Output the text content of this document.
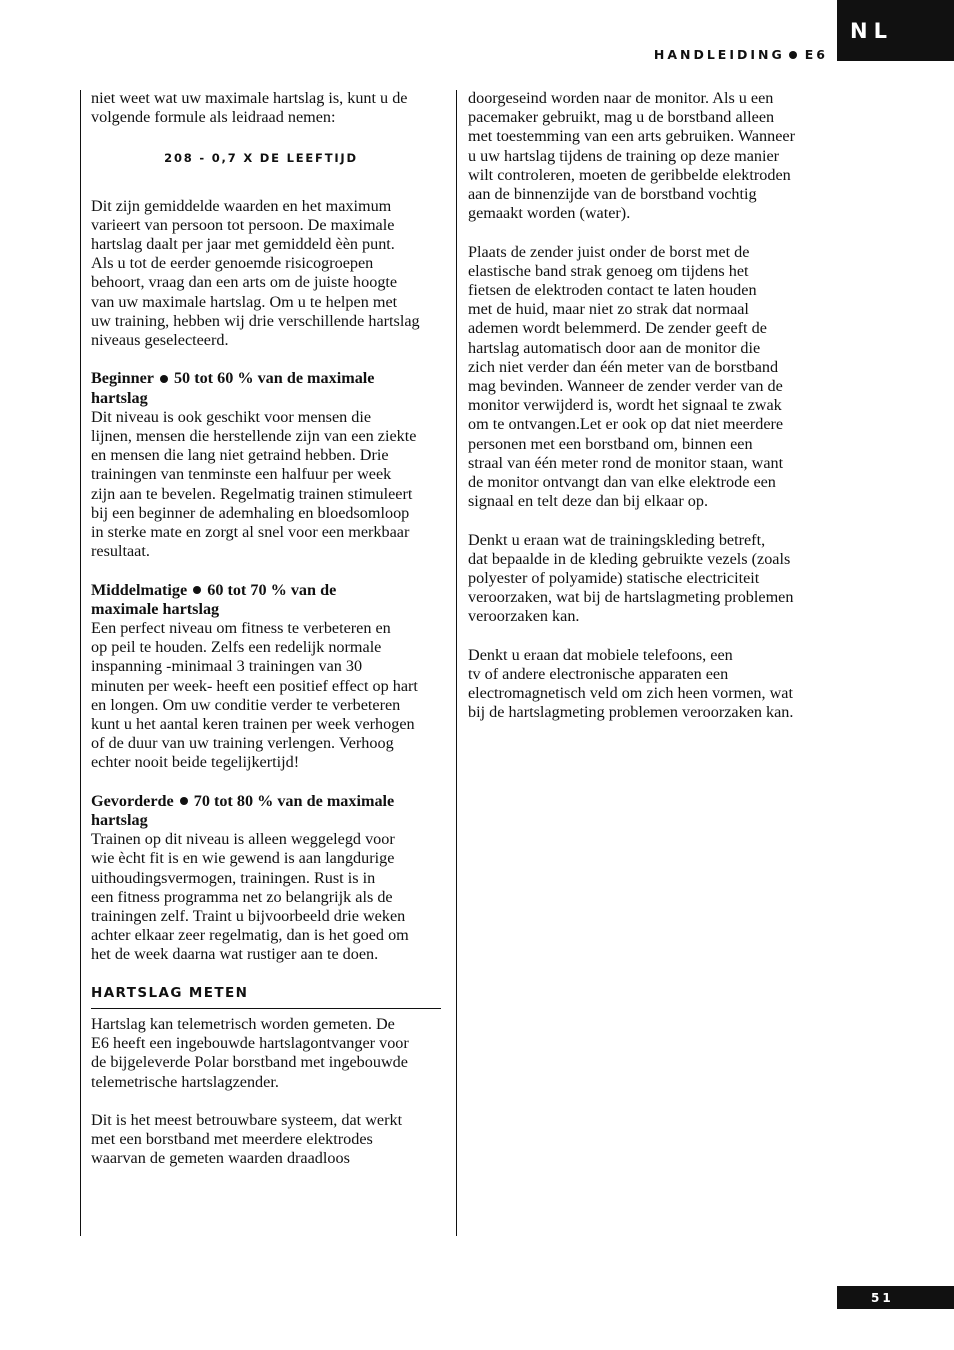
HANDLEIDING E6
NL

niet weet wat uw maximale hartslag is, kunt u de
volgende formule als leidraad nemen:

208 - 0,7 X DE LEEFTIJD

Dit zijn gemiddelde waarden en het maximum
varieert van persoon tot persoon. De maximale
hartslag daalt per jaar met gemiddeld èèn punt.
Als u tot de eerder genoemde risicogroepen
behoort, vraag dan een arts om de juiste hoogte
van uw maximale hartslag. Om u te helpen met
uw training, hebben wij drie verschillende hartslag
niveaus geselecteerd.

Beginner 50 tot 60 % van de maximale
hartslag

Dit niveau is ook geschikt voor mensen die
lijnen, mensen die herstellende zijn van een ziekte
en mensen die lang niet getraind hebben. Drie
trainingen van tenminste een halfuur per week
zijn aan te bevelen. Regelmatig trainen stimuleert
bij een beginner de ademhaling en bloedsomloop
in sterke mate en zorgt al snel voor een merkbaar
resultaat.

Middelmatige 60 tot 70 % van de
maximale hartslag

Een perfect niveau om fitness te verbeteren en
op peil te houden. Zelfs een redelijk normale
inspanning -minimaal 3 trainingen van 30
minuten per week- heeft een positief effect op hart
en longen. Om uw conditie verder te verbeteren
kunt u het aantal keren trainen per week verhogen
of de duur van uw training verlengen. Verhoog
echter nooit beide tegelijkertijd!

Gevorderde 70 tot 80 % van de maximale
hartslag

Trainen op dit niveau is alleen weggelegd voor
wie ècht fit is en wie gewend is aan langdurige
uithoudingsvermogen, trainingen. Rust is in
een fitness programma net zo belangrijk als de
trainingen zelf. Traint u bijvoorbeeld drie weken
achter elkaar zeer regelmatig, dan is het goed om
het de week daarna wat rustiger aan te doen.

HARTSLAG METEN

Hartslag kan telemetrisch worden gemeten. De
E6 heeft een ingebouwde hartslagontvanger voor
de bijgeleverde Polar borstband met ingebouwde
telemetrische hartslagzender.

Dit is het meest betrouwbare systeem, dat werkt
met een borstband met meerdere elektrodes
waarvan de gemeten waarden draadloos

doorgeseind worden naar de monitor. Als u een
pacemaker gebruikt, mag u de borstband alleen
met toestemming van een arts gebruiken. Wanneer
u uw hartslag tijdens de training op deze manier
wilt controleren, moeten de geribbelde elektroden
aan de binnenzijde van de borstband vochtig
gemaakt worden (water).

Plaats de zender juist onder de borst met de
elastische band strak genoeg om tijdens het
fietsen de elektroden contact te laten houden
met de huid, maar niet zo strak dat normaal
ademen wordt belemmerd. De zender geeft de
hartslag automatisch door aan de monitor die
zich niet verder dan één meter van de borstband
mag bevinden. Wanneer de zender verder van de
monitor verwijderd is, wordt het signaal te zwak
om te ontvangen.Let er ook op dat niet meerdere
personen met een borstband om, binnen een
straal van één meter rond de monitor staan, want
de monitor ontvangt dan van elke elektrode een
signaal en telt deze dan bij elkaar op.

Denkt u eraan wat de trainingskleding betreft,
dat bepaalde in de kleding gebruikte vezels (zoals
polyester of polyamide) statische electriciteit
veroorzaken, wat bij de hartslagmeting problemen
veroorzaken kan.

Denkt u eraan dat mobiele telefoons, een
tv of andere electronische apparaten een
electromagnetisch veld om zich heen vormen, wat
bij de hartslagmeting problemen veroorzaken kan.

51
